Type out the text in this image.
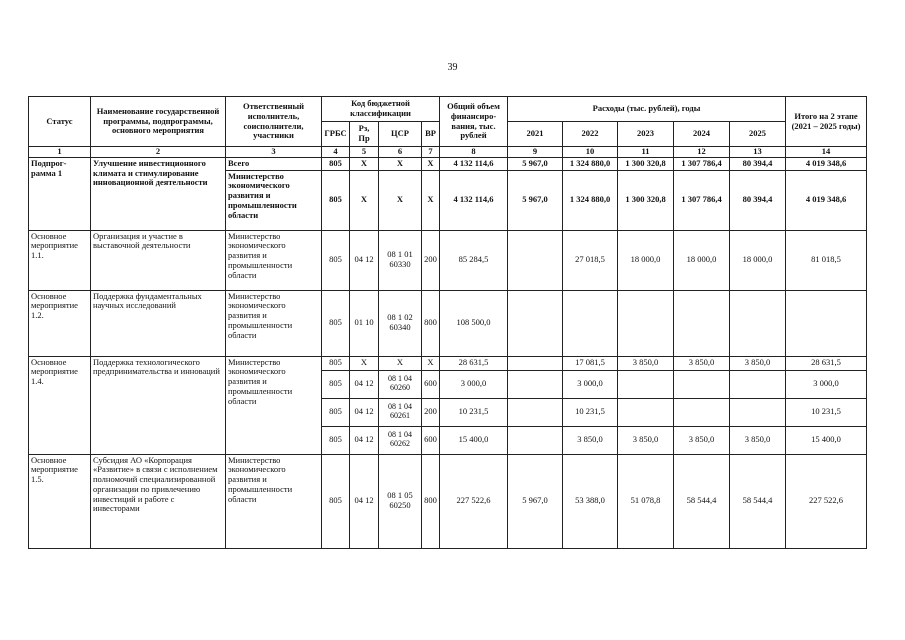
39
Статус	Наименование государственной программы, подпрограммы, основного мероприятия	Ответственный исполнитель, соисполнители, участники	Код бюджетной классификации				Общий объем финансиро-вания, тыс. рублей	Расходы (тыс. рублей), годы					Итого на 2 этапе (2021 – 2025 годы)
			ГРБС	Рз, Пр	ЦСР	ВР		2021	2022	2023	2024	2025	
1	2	3	4	5	6	7	8	9	10	11	12	13	14
Подпрог-рамма 1	Улучшение инвестиционного климата и стимулирование инновационной деятельности	Всего	805	X	X	X	4 132 114,6	5 967,0	1 324 880,0	1 300 320,8	1 307 786,4	80 394,4	4 019 348,6
		Министерство экономического развития и промышленности области	805	X	X	X	4 132 114,6	5 967,0	1 324 880,0	1 300 320,8	1 307 786,4	80 394,4	4 019 348,6
Основное мероприятие 1.1.	Организация и участие в выставочной деятельности	Министерство экономического развития и промышленности области	805	04 12	08 1 01 60330	200	85 284,5		27 018,5	18 000,0	18 000,0	18 000,0	81 018,5
Основное мероприятие 1.2.	Поддержка фундаментальных научных исследований	Министерство экономического развития и промышленности области	805	01 10	08 1 02 60340	800	108 500,0						
Основное мероприятие 1.4.	Поддержка технологического предпринимательства и инноваций	Министерство экономического развития и промышленности области	805	X	X	X	28 631,5		17 081,5	3 850,0	3 850,0	3 850,0	28 631,5
			805	04 12	08 1 04 60260	600	3 000,0		3 000,0				3 000,0
			805	04 12	08 1 04 60261	200	10 231,5		10 231,5				10 231,5
			805	04 12	08 1 04 60262	600	15 400,0		3 850,0	3 850,0	3 850,0	3 850,0	15 400,0
Основное мероприятие 1.5.	Субсидия АО «Корпорация «Развитие» в связи с исполнением полномочий специализированной организации по привлечению инвестиций и работе с инвесторами	Министерство экономического развития и промышленности области	805	04 12	08 1 05 60250	800	227 522,6	5 967,0	53 388,0	51 078,8	58 544,4	58 544,4	227 522,6
